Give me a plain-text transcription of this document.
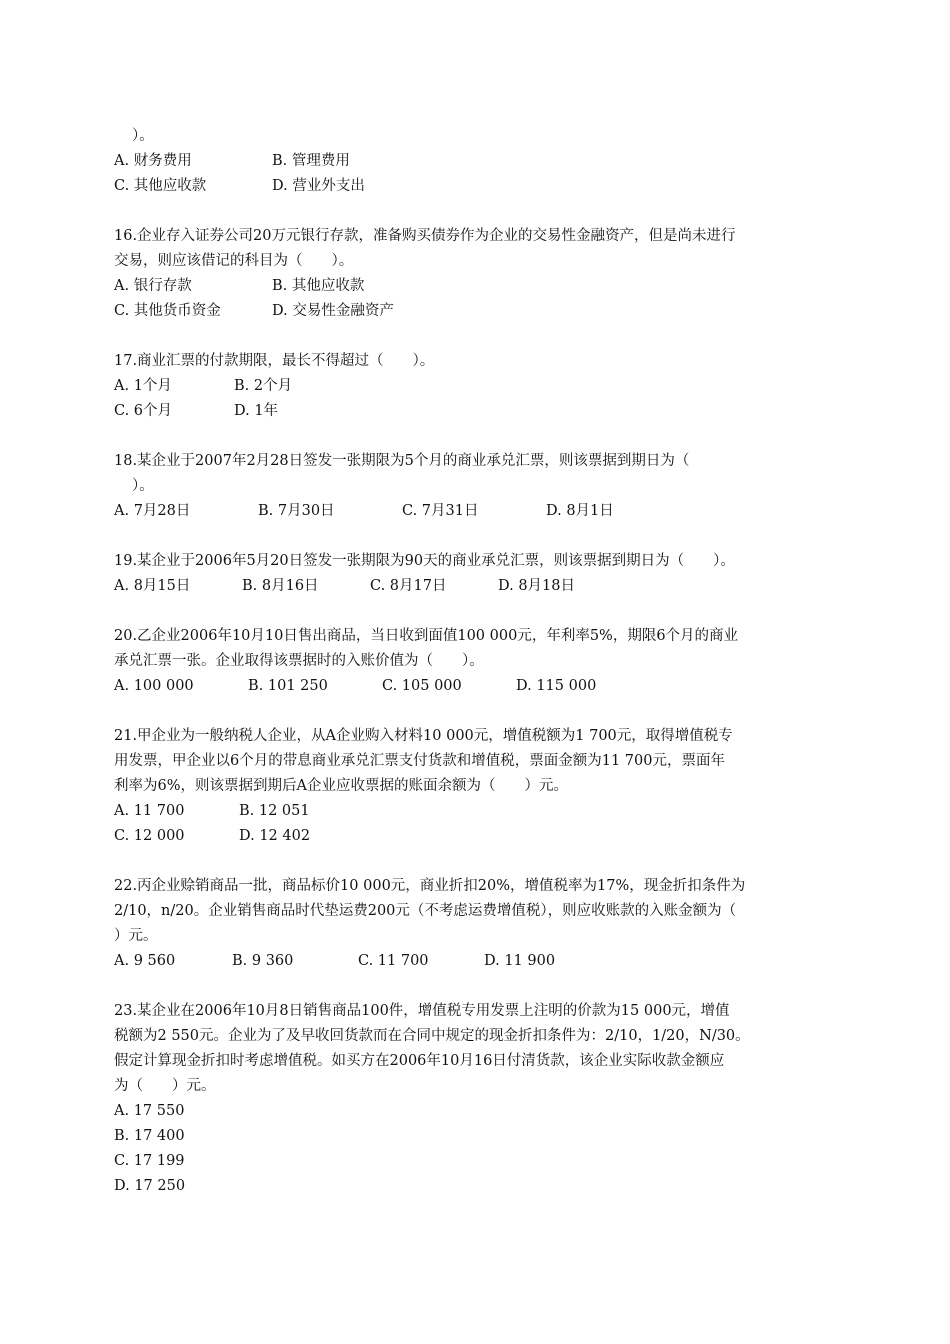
）。
A. 财务费用	B. 管理费用
C. 其他应收款	D. 营业外支出
16.企业存入证券公司20万元银行存款，准备购买债券作为企业的交易性金融资产，但是尚未进行
交易，则应该借记的科目为（　　）。
A. 银行存款	B. 其他应收款
C. 其他货币资金	D. 交易性金融资产
17.商业汇票的付款期限，最长不得超过（　　）。
A. 1个月	B. 2个月
C. 6个月	D. 1年
18.某企业于2007年2月28日签发一张期限为5个月的商业承兑汇票，则该票据到期日为（
）。
A. 7月28日	B. 7月30日	C. 7月31日	D. 8月1日
19.某企业于2006年5月20日签发一张期限为90天的商业承兑汇票，则该票据到期日为（　　）。
A. 8月15日	B. 8月16日	C. 8月17日	D. 8月18日
20.乙企业2006年10月10日售出商品，当日收到面值100 000元，年利率5%，期限6个月的商业
承兑汇票一张。企业取得该票据时的入账价值为（　　）。
A. 100 000	B. 101 250	C. 105 000	D. 115 000
21.甲企业为一般纳税人企业，从A企业购入材料10 000元，增值税额为1 700元，取得增值税专
用发票，甲企业以6个月的带息商业承兑汇票支付货款和增值税，票面金额为11 700元，票面年
利率为6%，则该票据到期后A企业应收票据的账面余额为（　　）元。
A. 11 700	B. 12 051
C. 12 000	D. 12 402
22.丙企业赊销商品一批，商品标价10 000元，商业折扣20%，增值税率为17%，现金折扣条件为
2/10，n/20。企业销售商品时代垫运费200元（不考虑运费增值税），则应收账款的入账金额为（
）元。
A. 9 560	B. 9 360	C. 11 700	D. 11 900
23.某企业在2006年10月8日销售商品100件，增值税专用发票上注明的价款为15 000元，增值
税额为2 550元。企业为了及早收回货款而在合同中规定的现金折扣条件为：2/10，1/20，N/30。
假定计算现金折扣时考虑增值税。如买方在2006年10月16日付清货款，该企业实际收款金额应
为（　　）元。
A. 17 550
B. 17 400
C. 17 199
D. 17 250
